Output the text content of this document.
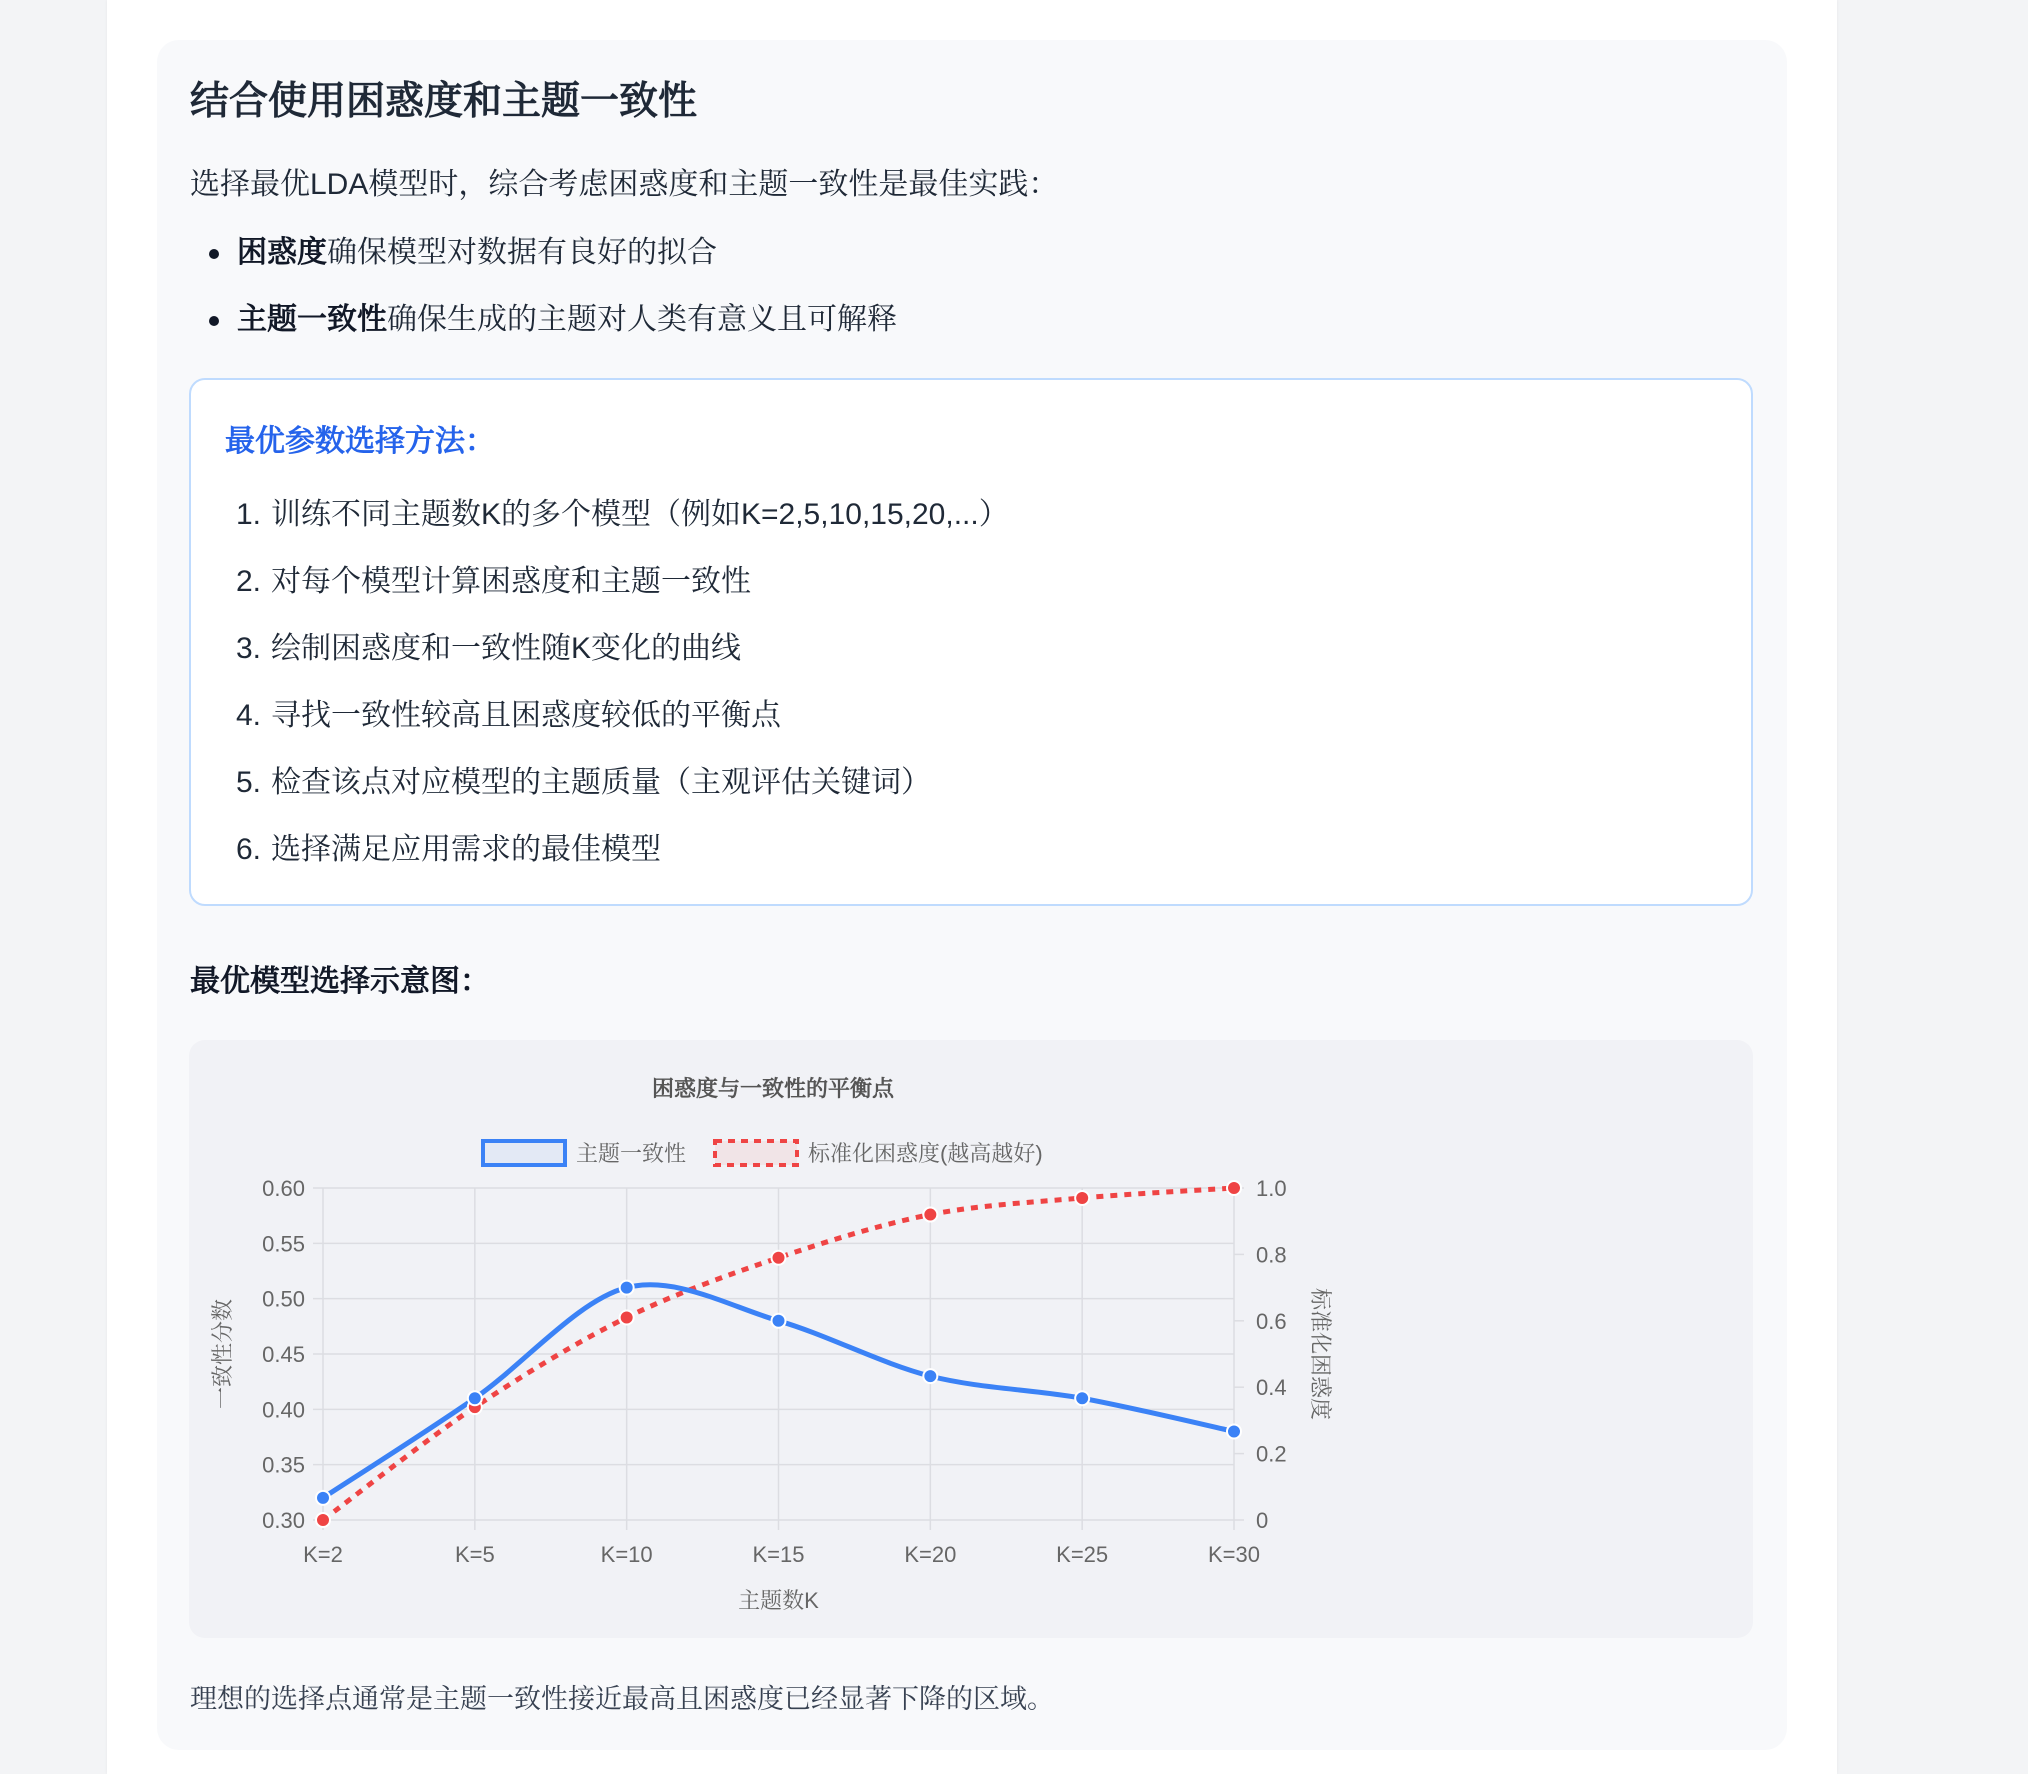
结合使用困惑度和主题一致性

选择最优LDA模型时，综合考虑困惑度和主题一致性是最佳实践：

困惑度确保模型对数据有良好的拟合
主题一致性确保生成的主题对人类有意义且可解释
最优参数选择方法：
1. 训练不同主题数K的多个模型（例如K=2,5,10,15,20,...）
2. 对每个模型计算困惑度和主题一致性
3. 绘制困惑度和一致性随K变化的曲线
4. 寻找一致性较高且困惑度较低的平衡点
5. 检查该点对应模型的主题质量（主观评估关键词）
6. 选择满足应用需求的最佳模型
最优模型选择示意图：
困惑度与一致性的平衡点
主题一致性	标准化困惑度(越高越好)
0.30
0.35
0.40
0.45
0.50
0.55
0.60
0
0.2
0.4
0.6
0.8
1.0
K=2	K=5	K=10	K=15	K=20	K=25	K=30
主题数K
一致性分数	标准化困惑度

理想的选择点通常是主题一致性接近最高且困惑度已经显著下降的区域。
